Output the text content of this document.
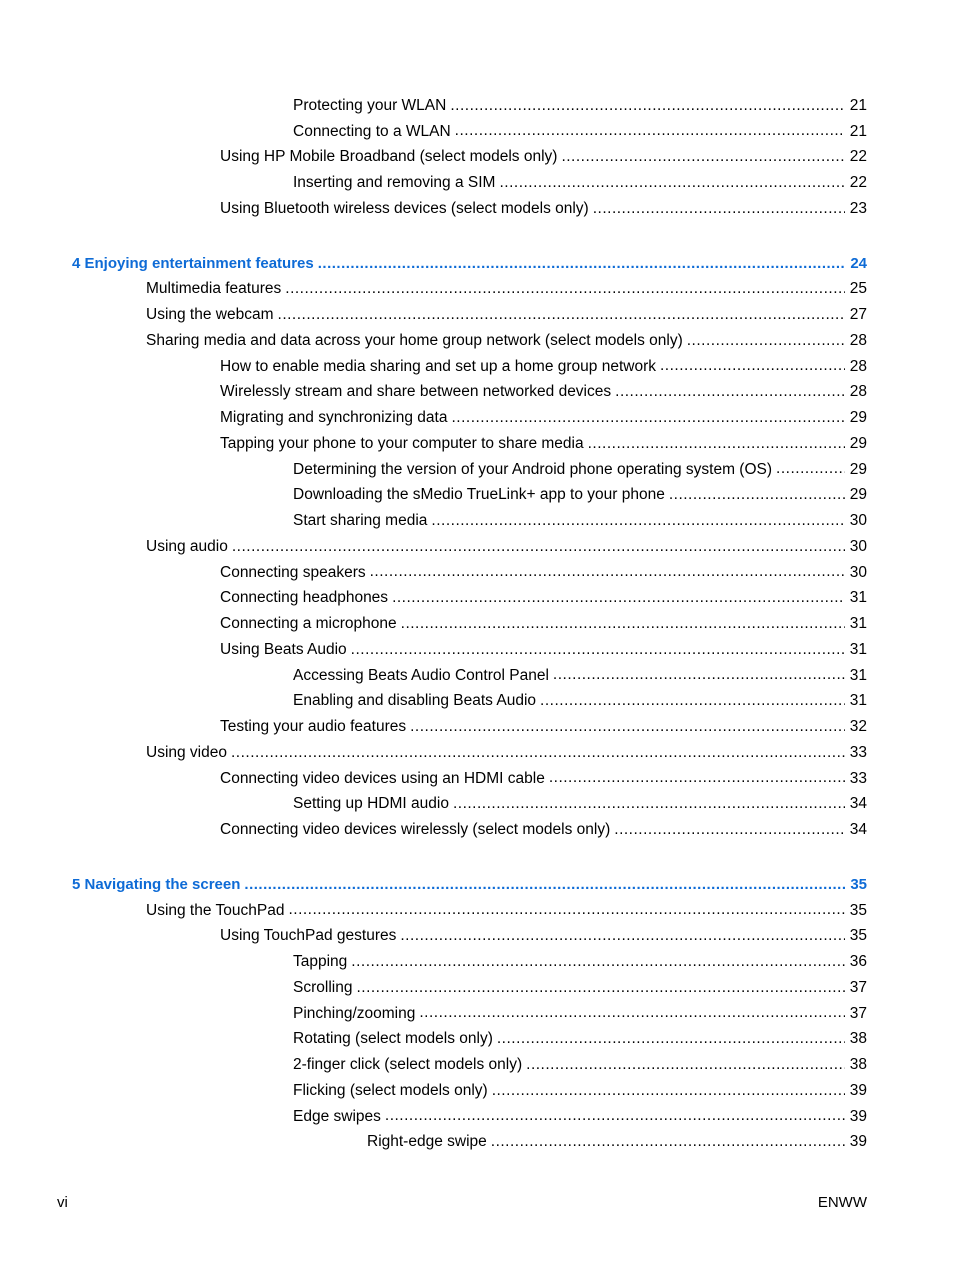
Protecting your WLAN .....	21
Connecting to a WLAN .....	21
Using HP Mobile Broadband (select models only) .....	22
Inserting and removing a SIM .....	22
Using Bluetooth wireless devices (select models only) .....	23
4 Enjoying entertainment features .....	24
Multimedia features .....	25
Using the webcam .....	27
Sharing media and data across your home group network (select models only) .....	28
How to enable media sharing and set up a home group network .....	28
Wirelessly stream and share between networked devices .....	28
Migrating and synchronizing data .....	29
Tapping your phone to your computer to share media .....	29
Determining the version of your Android phone operating system (OS) .....	29
Downloading the sMedio TrueLink+ app to your phone .....	29
Start sharing media .....	30
Using audio .....	30
Connecting speakers .....	30
Connecting headphones .....	31
Connecting a microphone .....	31
Using Beats Audio .....	31
Accessing Beats Audio Control Panel .....	31
Enabling and disabling Beats Audio .....	31
Testing your audio features .....	32
Using video .....	33
Connecting video devices using an HDMI cable .....	33
Setting up HDMI audio .....	34
Connecting video devices wirelessly (select models only) .....	34
5 Navigating the screen .....	35
Using the TouchPad .....	35
Using TouchPad gestures .....	35
Tapping .....	36
Scrolling .....	37
Pinching/zooming .....	37
Rotating (select models only) .....	38
2-finger click (select models only) .....	38
Flicking (select models only) .....	39
Edge swipes .....	39
Right-edge swipe .....	39
vi	ENWW
